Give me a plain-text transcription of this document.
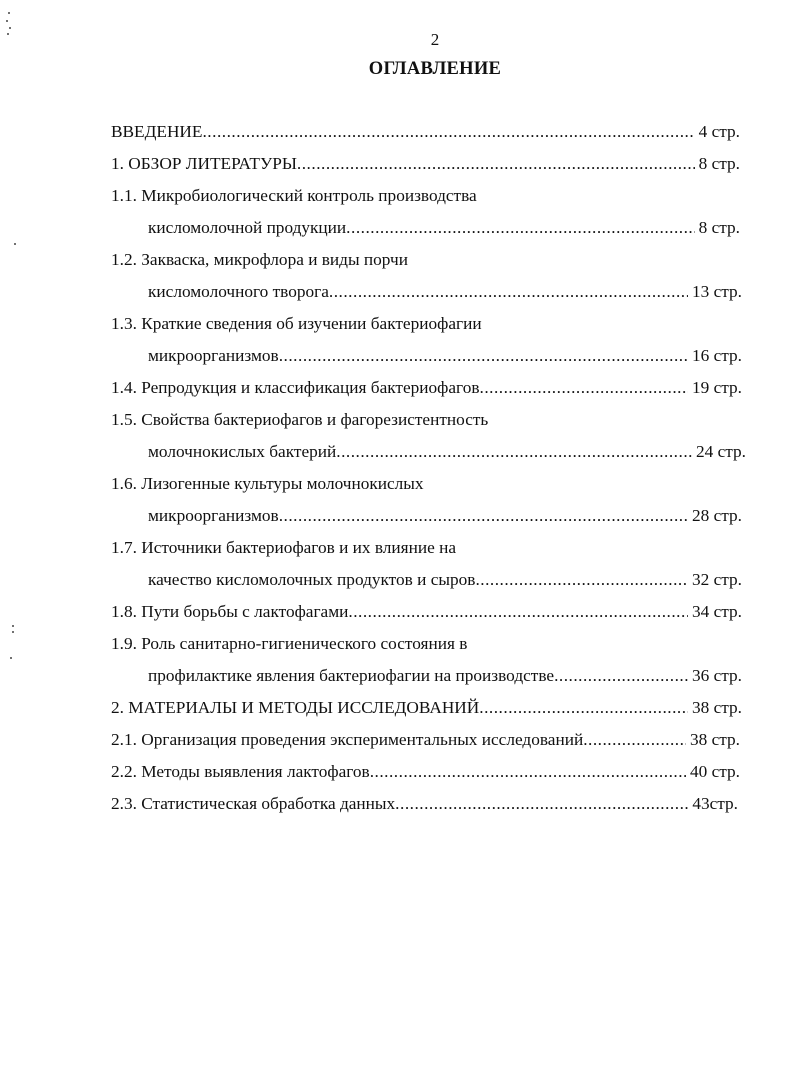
2
ОГЛАВЛЕНИЕ
ВВЕДЕНИЕ .....	4 стр.
1. ОБЗОР ЛИТЕРАТУРЫ .....	8 стр.
1.1. Микробиологический контроль производства
кисломолочной продукции .....	8 стр.
1.2. Закваска, микрофлора и виды порчи
кисломолочного творога .....	13 стр.
1.3. Краткие сведения об изучении бактериофагии
микроорганизмов .....	16 стр.
1.4. Репродукция и классификация бактериофагов .....	19 стр.
1.5. Свойства бактериофагов и фагорезистентность
молочнокислых бактерий .....	24 стр.
1.6. Лизогенные культуры молочнокислых
микроорганизмов .....	28 стр.
1.7. Источники бактериофагов и их влияние на
качество кисломолочных продуктов и сыров .....	32 стр.
1.8. Пути борьбы с лактофагами .....	34 стр.
1.9. Роль санитарно-гигиенического состояния в
профилактике явления бактериофагии на производстве .....	36 стр.
2. МАТЕРИАЛЫ И МЕТОДЫ ИССЛЕДОВАНИЙ .....	38 стр.
2.1. Организация проведения экспериментальных исследований .....	38 стр.
2.2. Методы выявления лактофагов .....	40 стр.
2.3. Статистическая обработка данных .....	43стр.
